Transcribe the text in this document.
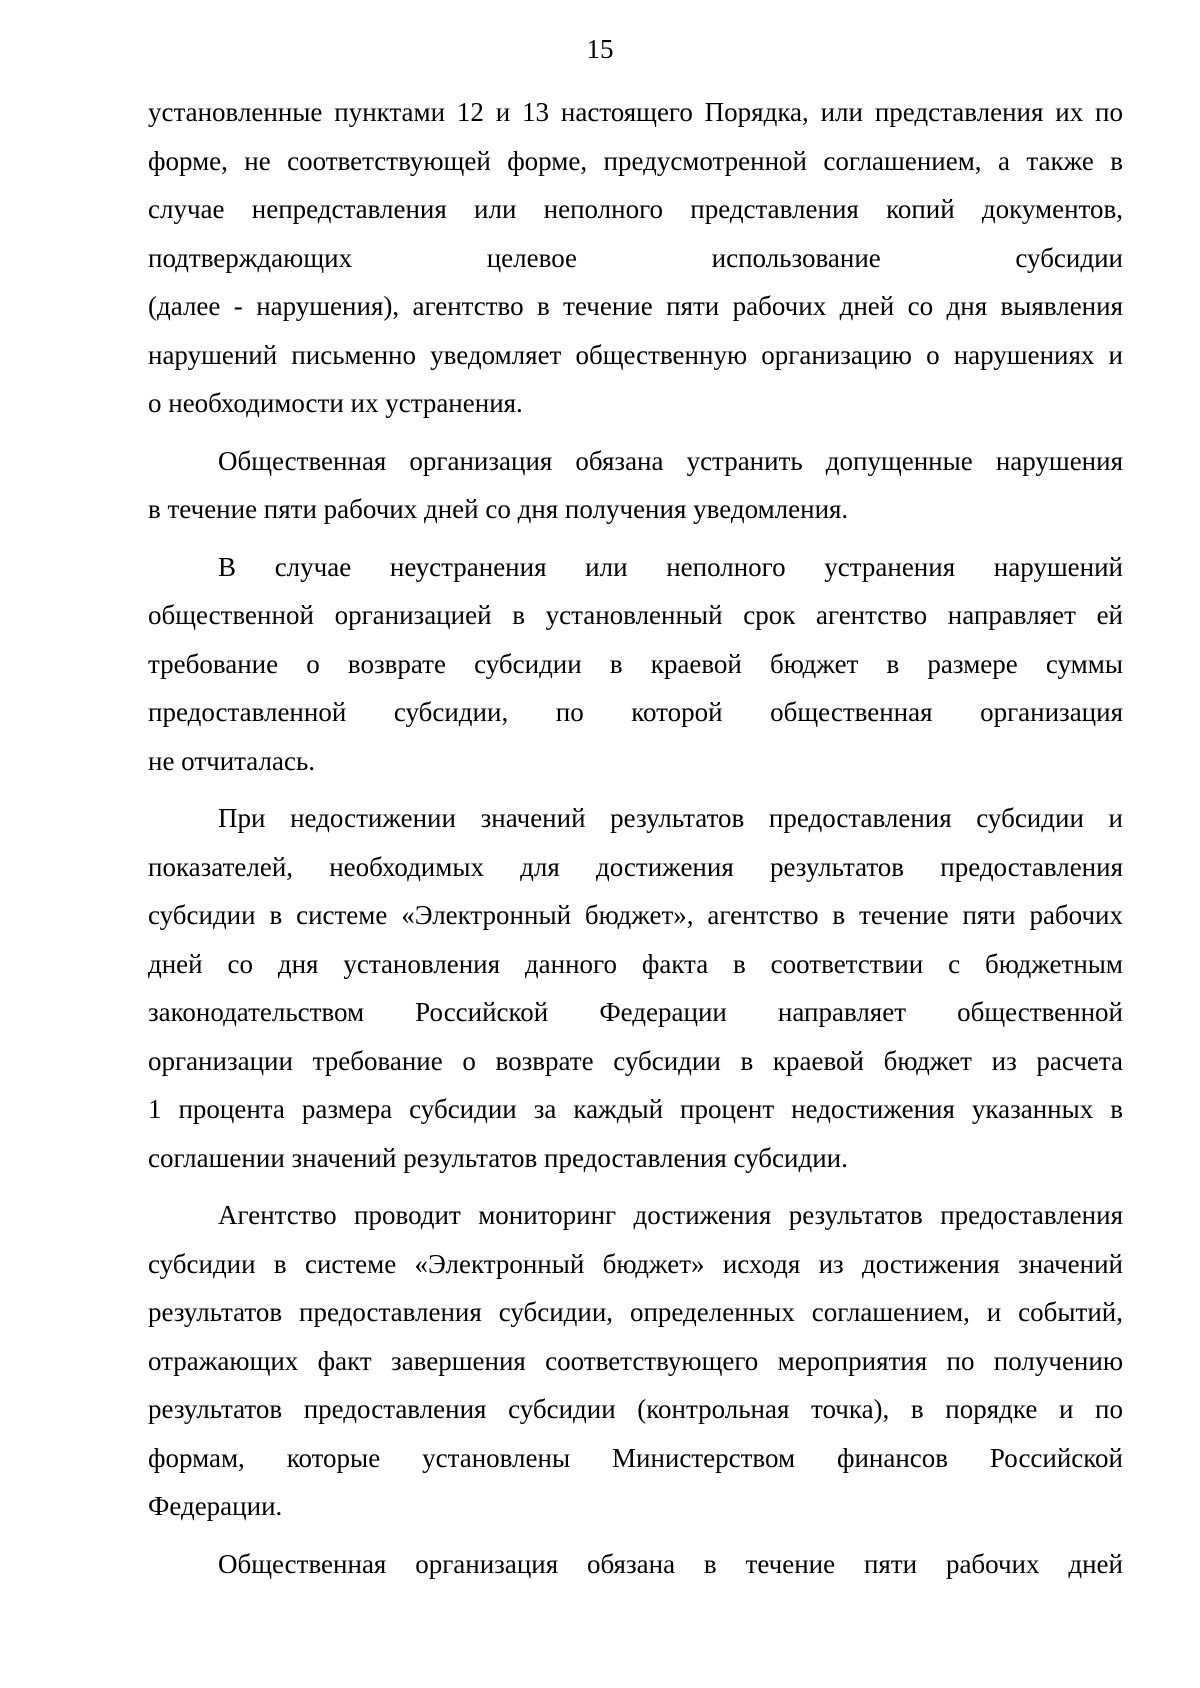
15

установленные пунктами 12 и 13 настоящего Порядка, или представления их по
форме, не соответствующей форме, предусмотренной соглашением, а также в
случае непредставления или неполного представления копий документов,
подтверждающих целевое использование субсидии
(далее - нарушения), агентство в течение пяти рабочих дней со дня выявления
нарушений письменно уведомляет общественную организацию о нарушениях и
о необходимости их устранения.

Общественная организация обязана устранить допущенные нарушения
в течение пяти рабочих дней со дня получения уведомления.

В случае неустранения или неполного устранения нарушений
общественной организацией в установленный срок агентство направляет ей
требование о возврате субсидии в краевой бюджет в размере суммы
предоставленной субсидии, по которой общественная организация
не отчиталась.

При недостижении значений результатов предоставления субсидии и
показателей, необходимых для достижения результатов предоставления
субсидии в системе «Электронный бюджет», агентство в течение пяти рабочих
дней со дня установления данного факта в соответствии с бюджетным
законодательством Российской Федерации направляет общественной
организации требование о возврате субсидии в краевой бюджет из расчета
1 процента размера субсидии за каждый процент недостижения указанных в
соглашении значений результатов предоставления субсидии.

Агентство проводит мониторинг достижения результатов предоставления
субсидии в системе «Электронный бюджет» исходя из достижения значений
результатов предоставления субсидии, определенных соглашением, и событий,
отражающих факт завершения соответствующего мероприятия по получению
результатов предоставления субсидии (контрольная точка), в порядке и по
формам, которые установлены Министерством финансов Российской
Федерации.

Общественная организация обязана в течение пяти рабочих дней
